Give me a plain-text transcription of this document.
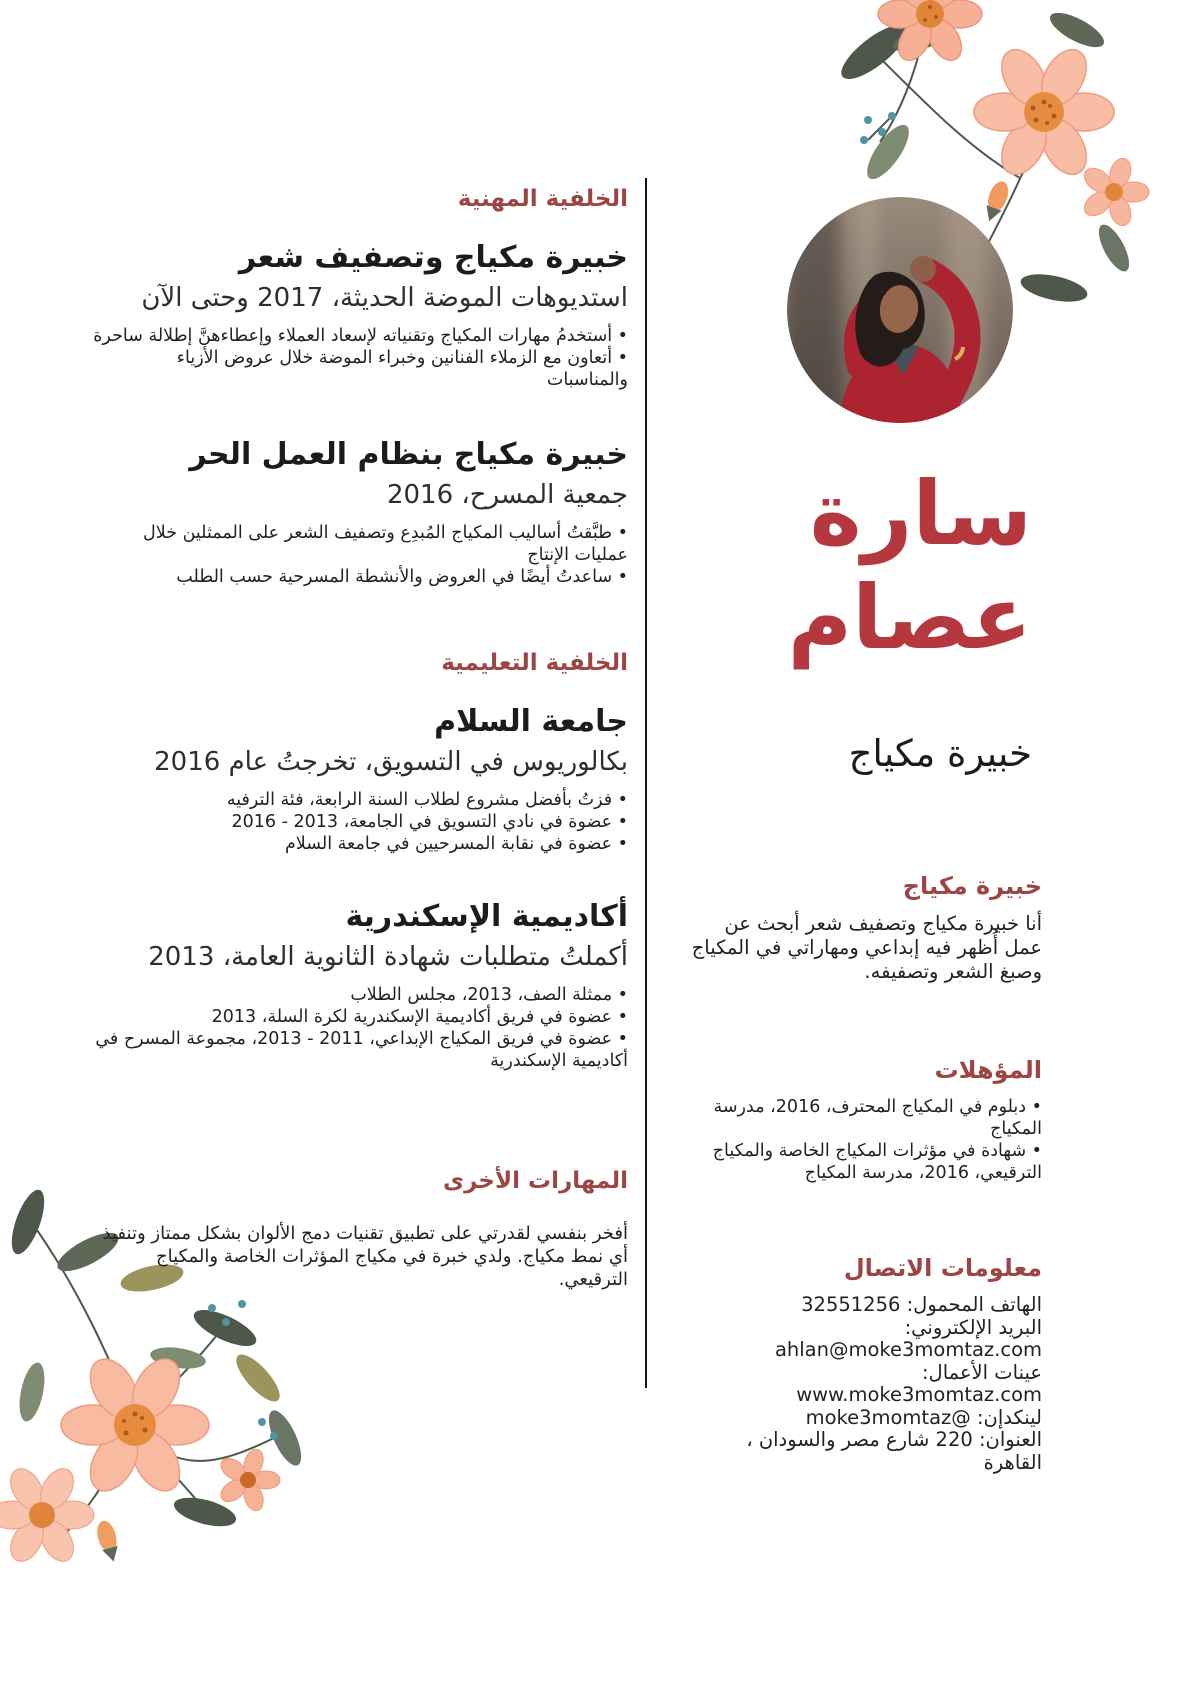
سارة
عصام
خبيرة مكياج
خبيرة مكياج

أنا خبيرة مكياج وتصفيف شعر أبحث عن عمل أُظهر فيه إبداعي ومهاراتي في المكياج وصبغ الشعر وتصفيفه.

المؤهلات

• دبلوم في المكياج المحترف، 2016، مدرسة المكياج

• شهادة في مؤثرات المكياج الخاصة والمكياج الترقيعي، 2016، مدرسة المكياج

معلومات الاتصال

الهاتف المحمول: 32551256

البريد الإلكتروني: ahlan@moke3momtaz.com

عينات الأعمال: www.moke3momtaz.com

لينكدإن: @moke3momtaz

العنوان: 220 شارع مصر والسودان ، القاهرة

الخلفية المهنية

خبيرة مكياج وتصفيف شعر

استديوهات الموضة الحديثة، 2017 وحتى الآن

• أستخدمُ مهارات المكياج وتقنياته لإسعاد العملاء وإعطاءهنَّ إطلالة ساحرة

• أتعاون مع الزملاء الفنانين وخبراء الموضة خلال عروض الأزياء والمناسبات

خبيرة مكياج بنظام العمل الحر

جمعية المسرح، 2016

• طبَّقتُ أساليب المكياج المُبدِع وتصفيف الشعر على الممثلين خلال عمليات الإنتاج

• ساعدتُ أيضًا في العروض والأنشطة المسرحية حسب الطلب

الخلفية التعليمية

جامعة السلام

بكالوريوس في التسويق، تخرجتُ عام 2016

• فزتُ بأفضل مشروع لطلاب السنة الرابعة، فئة الترفيه

• عضوة في نادي التسويق في الجامعة، 2013 - 2016

• عضوة في نقابة المسرحيين في جامعة السلام

أكاديمية الإسكندرية

أكملتُ متطلبات شهادة الثانوية العامة، 2013

• ممثلة الصف، 2013، مجلس الطلاب

• عضوة في فريق أكاديمية الإسكندرية لكرة السلة، 2013

• عضوة في فريق المكياج الإبداعي، 2011 - 2013، مجموعة المسرح في أكاديمية الإسكندرية

المهارات الأخرى

أفخر بنفسي لقدرتي على تطبيق تقنيات دمج الألوان بشكل ممتاز وتنفيذ أي نمط مكياج. ولدي خبرة في مكياج المؤثرات الخاصة والمكياج الترقيعي.
